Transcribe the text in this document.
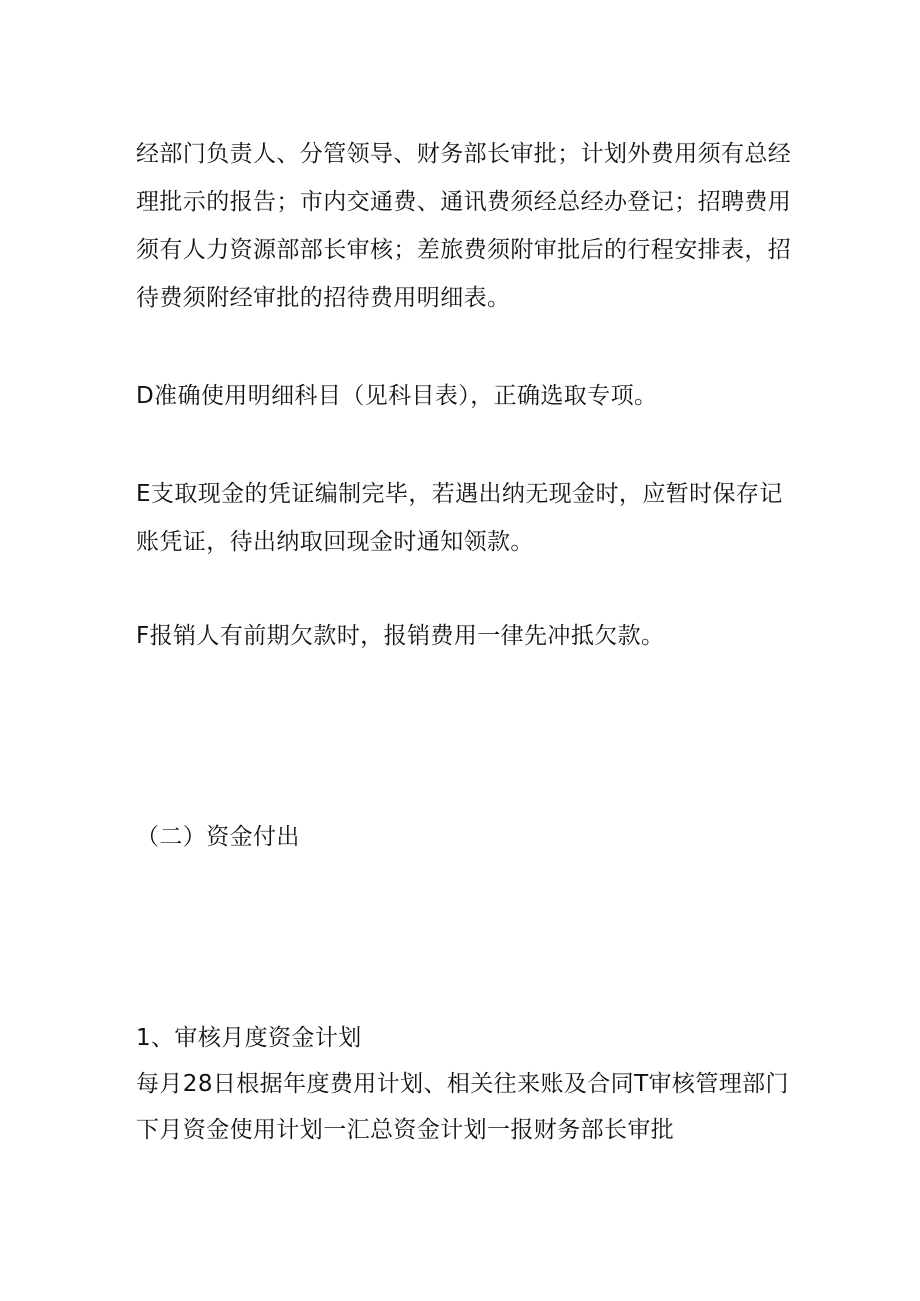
经部门负责人、分管领导、财务部长审批；计划外费用须有总经
理批示的报告；市内交通费、通讯费须经总经办登记；招聘费用
须有人力资源部部长审核；差旅费须附审批后的行程安排表，招
待费须附经审批的招待费用明细表。

D准确使用明细科目（见科目表），正确选取专项。

E支取现金的凭证编制完毕，若遇出纳无现金时，应暂时保存记
账凭证，待出纳取回现金时通知领款。

F报销人有前期欠款时，报销费用一律先冲抵欠款。

（二）资金付出

1、审核月度资金计划
每月28日根据年度费用计划、相关往来账及合同T审核管理部门
下月资金使用计划一汇总资金计划一报财务部长审批
